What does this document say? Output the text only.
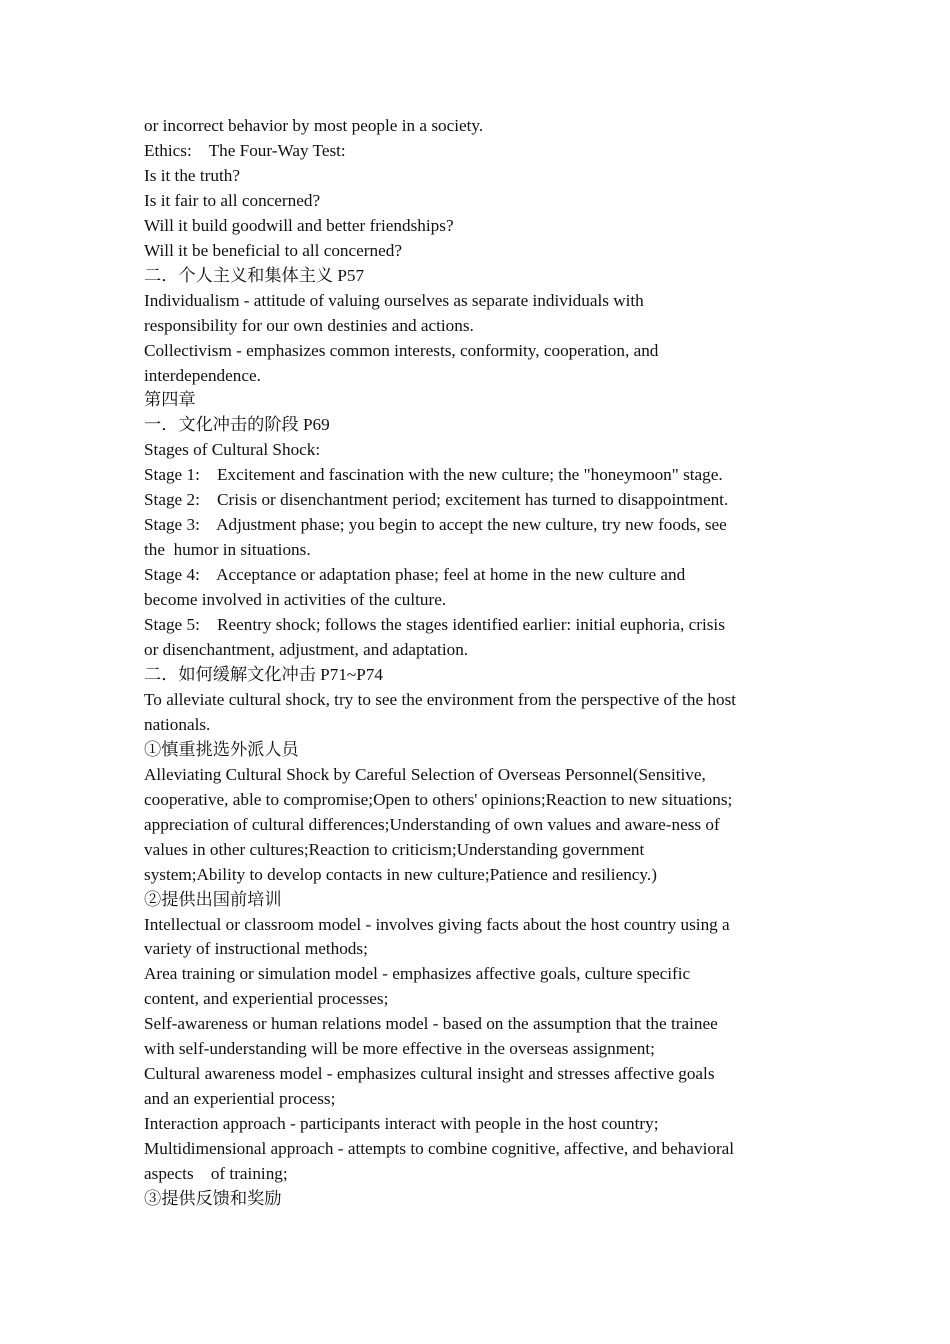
or incorrect behavior by most people in a society.
Ethics:    The Four-Way Test:
Is it the truth?
Is it fair to all concerned?
Will it build goodwill and better friendships?
Will it be beneficial to all concerned?
二．个人主义和集体主义 P57
Individualism - attitude of valuing ourselves as separate individuals with
responsibility for our own destinies and actions.
Collectivism - emphasizes common interests, conformity, cooperation, and
interdependence.
第四章
一．文化冲击的阶段 P69
Stages of Cultural Shock:
Stage 1:    Excitement and fascination with the new culture; the "honeymoon" stage.
Stage 2:    Crisis or disenchantment period; excitement has turned to disappointment.
Stage 3:    Adjustment phase; you begin to accept the new culture, try new foods, see
the  humor in situations.
Stage 4:    Acceptance or adaptation phase; feel at home in the new culture and
become involved in activities of the culture.
Stage 5:    Reentry shock; follows the stages identified earlier: initial euphoria, crisis
or disenchantment, adjustment, and adaptation.
二．如何缓解文化冲击 P71~P74
To alleviate cultural shock, try to see the environment from the perspective of the host
nationals.
①慎重挑选外派人员
Alleviating Cultural Shock by Careful Selection of Overseas Personnel(Sensitive,
cooperative, able to compromise;Open to others' opinions;Reaction to new situations;
appreciation of cultural differences;Understanding of own values and aware-ness of
values in other cultures;Reaction to criticism;Understanding government
system;Ability to develop contacts in new culture;Patience and resiliency.)
②提供出国前培训
Intellectual or classroom model - involves giving facts about the host country using a
variety of instructional methods;
Area training or simulation model - emphasizes affective goals, culture specific
content, and experiential processes;
Self-awareness or human relations model - based on the assumption that the trainee
with self-understanding will be more effective in the overseas assignment;
Cultural awareness model - emphasizes cultural insight and stresses affective goals
and an experiential process;
Interaction approach - participants interact with people in the host country;
Multidimensional approach - attempts to combine cognitive, affective, and behavioral
aspects    of training;
③提供反馈和奖励
